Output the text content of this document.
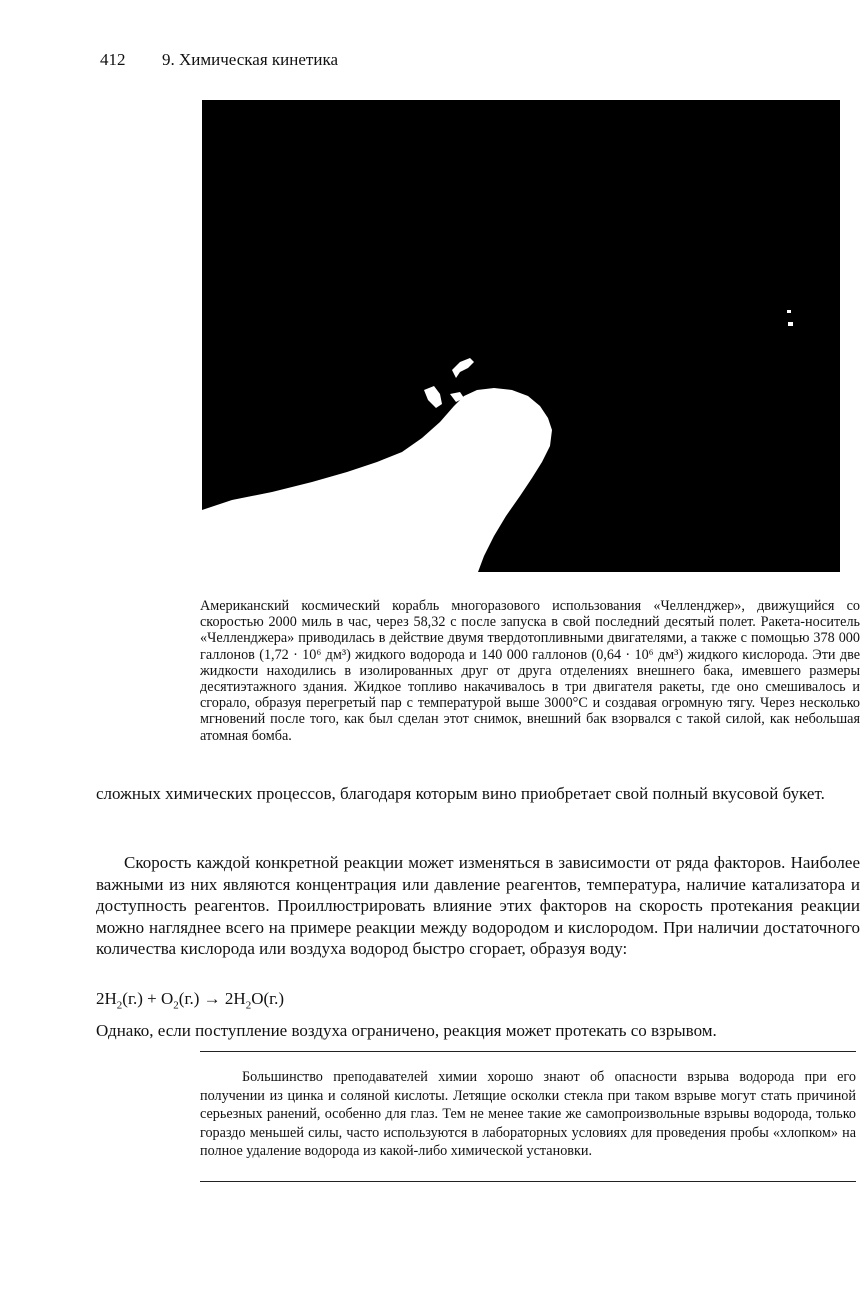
412 9. Химическая кинетика
Американский космический корабль многоразового использования «Челленджер», движущийся со скоростью 2000 миль в час, через 58,32 с после запуска в свой последний десятый полет. Ракета-носитель «Челленджера» приводилась в действие двумя твердотопливными двигателями, а также с помощью 378 000 галлонов (1,72 · 10⁶ дм³) жидкого водорода и 140 000 галлонов (0,64 · 10⁶ дм³) жидкого кислорода. Эти две жидкости находились в изолированных друг от друга отделениях внешнего бака, имевшего размеры десятиэтажного здания. Жидкое топливо накачивалось в три двигателя ракеты, где оно смешивалось и сгорало, образуя перегретый пар с температурой выше 3000°C и создавая огромную тягу. Через несколько мгновений после того, как был сделан этот снимок, внешний бак взорвался с такой силой, как небольшая атомная бомба.
сложных химических процессов, благодаря которым вино приобретает свой полный вкусовой букет.
Скорость каждой конкретной реакции может изменяться в зависимости от ряда факторов. Наиболее важными из них являются концентрация или давление реагентов, температура, наличие катализатора и доступность реагентов. Проиллюстрировать влияние этих факторов на скорость протекания реакции можно нагляднее всего на примере реакции между водородом и кислородом. При наличии достаточного количества кислорода или воздуха водород быстро сгорает, образуя воду:
$2H_2(г.) + O_2(г.) \to 2H_2O(г.)$
Однако, если поступление воздуха ограничено, реакция может протекать со взрывом.
Большинство преподавателей химии хорошо знают об опасности взрыва водорода при его получении из цинка и соляной кислоты. Летящие осколки стекла при таком взрыве могут стать причиной серьезных ранений, особенно для глаз. Тем не менее такие же самопроизвольные взрывы водорода, только гораздо меньшей силы, часто используются в лабораторных условиях для проведения пробы «хлопком» на полное удаление водорода из какой-либо химической установки.
